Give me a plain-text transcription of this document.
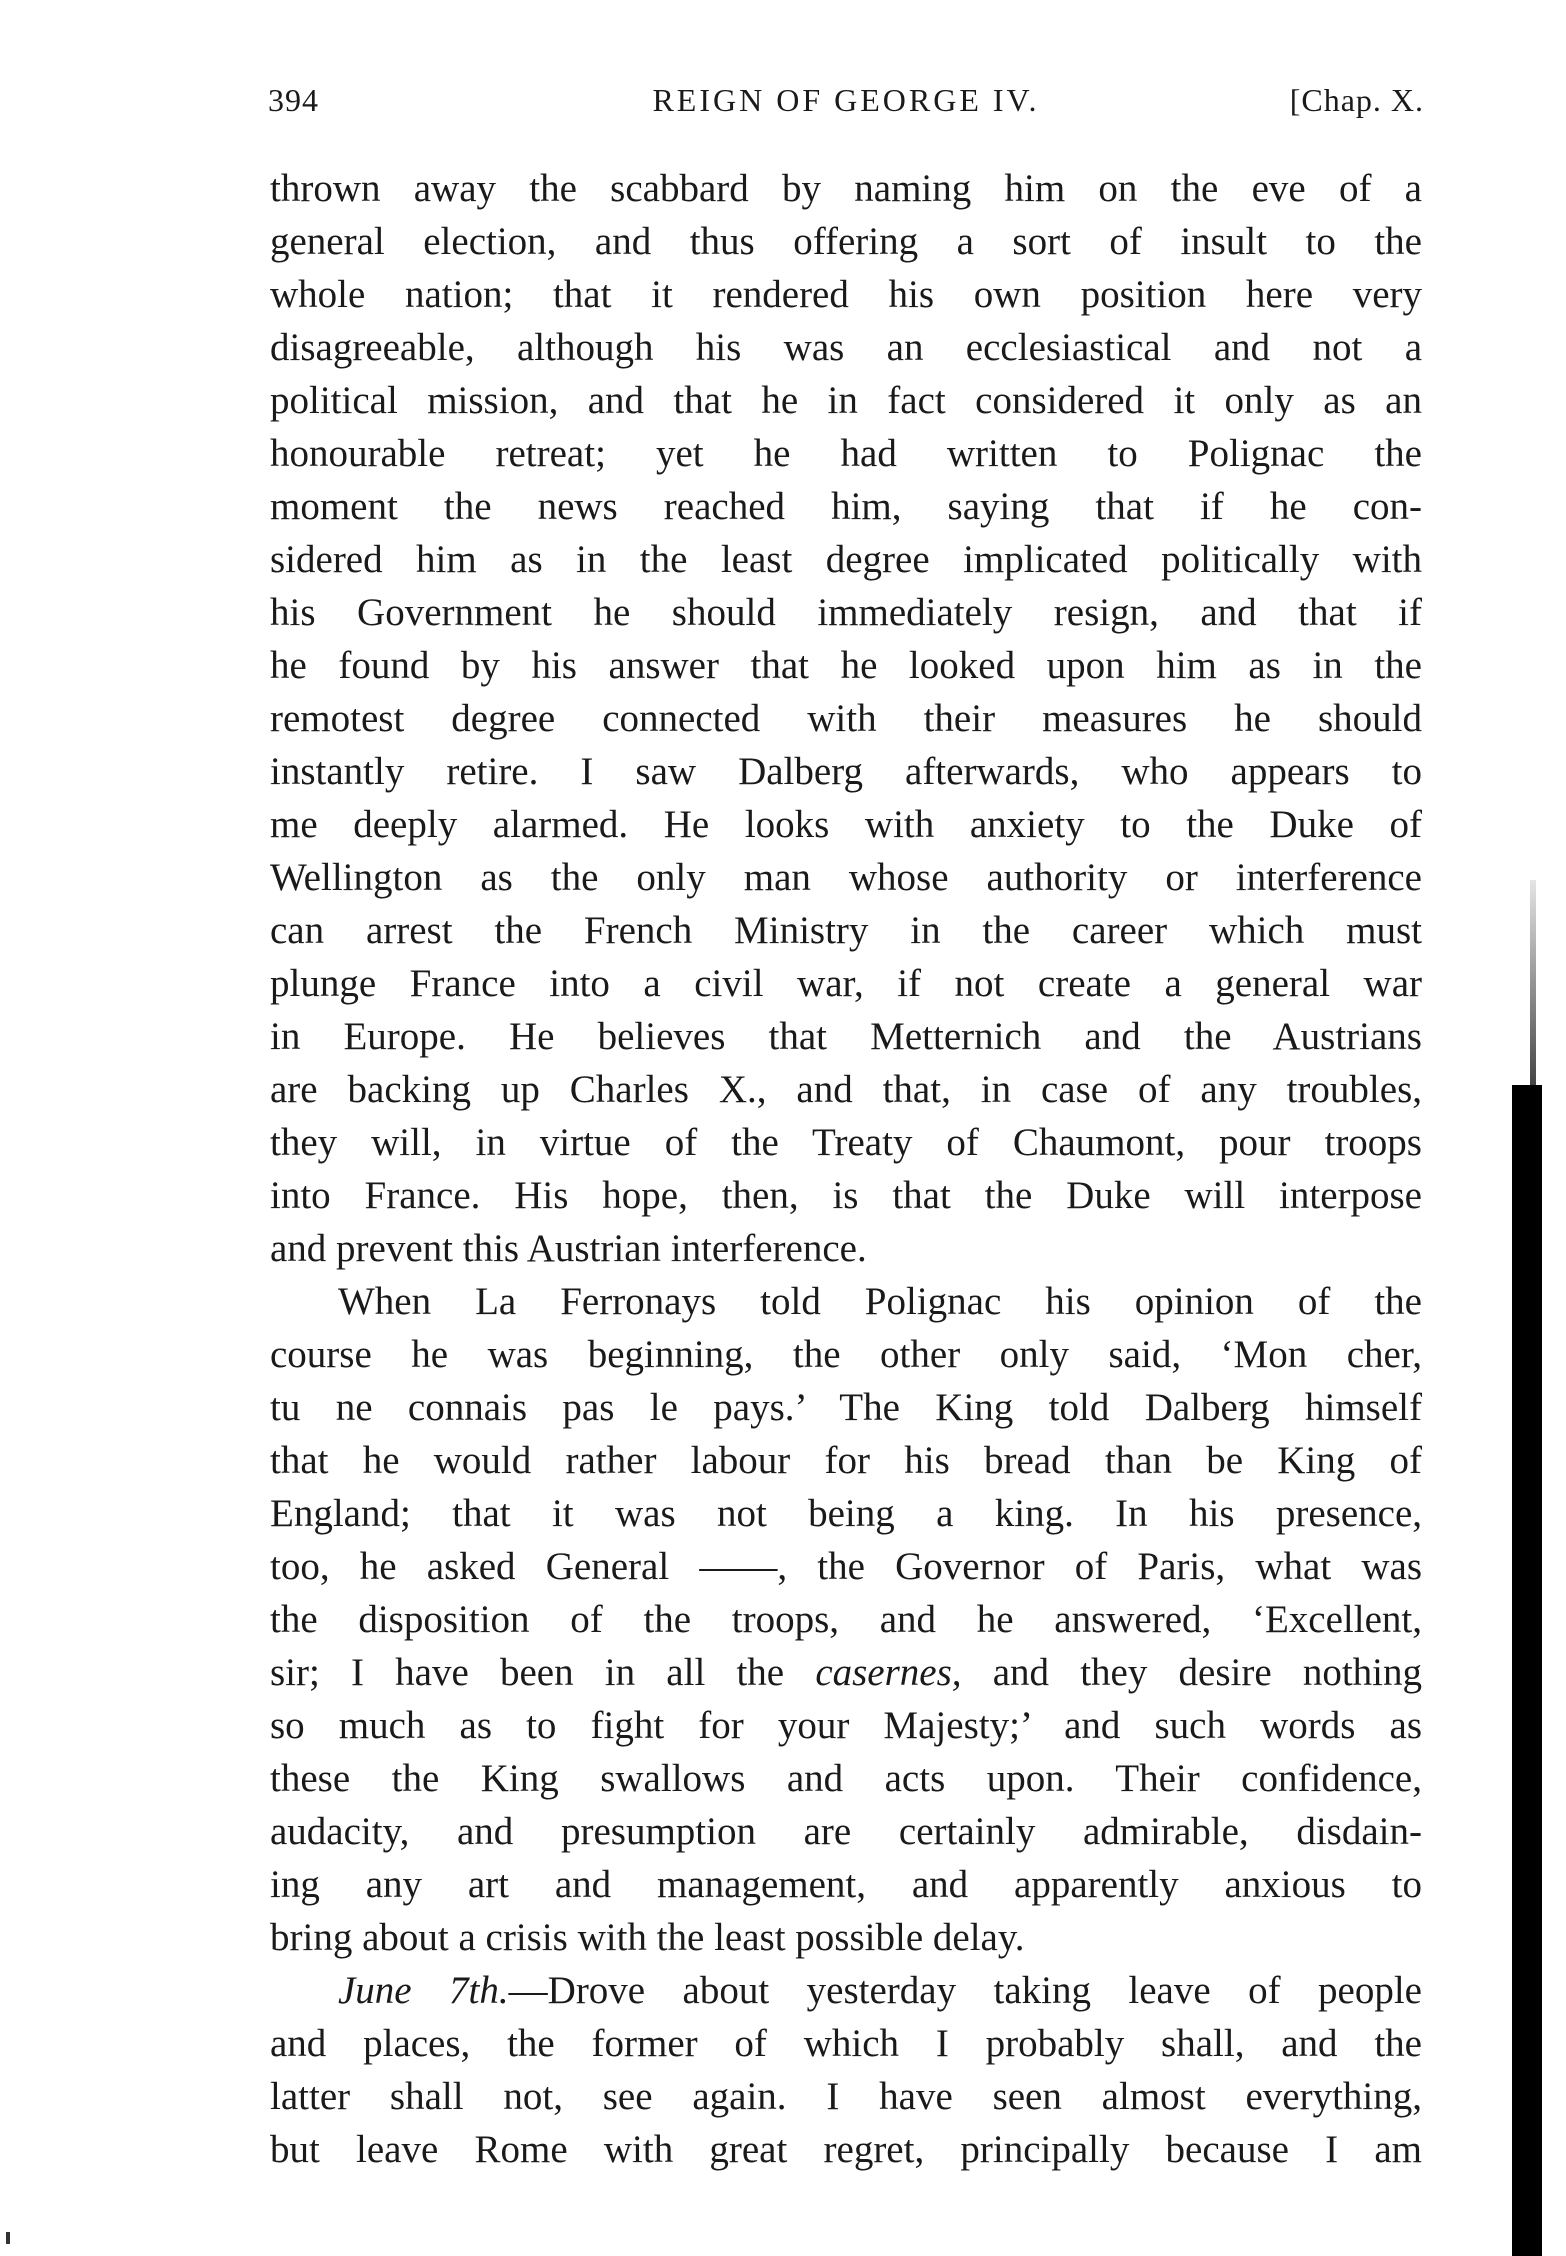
394	REIGN OF GEORGE IV.	[Chap. X.
thrown away the scabbard by naming him on the eve of a
general election, and thus offering a sort of insult to the
whole nation; that it rendered his own position here very
disagreeable, although his was an ecclesiastical and not a
political mission, and that he in fact considered it only as an
honourable retreat; yet he had written to Polignac the
moment the news reached him, saying that if he con-
sidered him as in the least degree implicated politically with
his Government he should immediately resign, and that if
he found by his answer that he looked upon him as in the
remotest degree connected with their measures he should
instantly retire. I saw Dalberg afterwards, who appears to
me deeply alarmed. He looks with anxiety to the Duke of
Wellington as the only man whose authority or interference
can arrest the French Ministry in the career which must
plunge France into a civil war, if not create a general war
in Europe. He believes that Metternich and the Austrians
are backing up Charles X., and that, in case of any troubles,
they will, in virtue of the Treaty of Chaumont, pour troops
into France. His hope, then, is that the Duke will interpose
and prevent this Austrian interference.
When La Ferronays told Polignac his opinion of the
course he was beginning, the other only said, ‘Mon cher,
tu ne connais pas le pays.’ The King told Dalberg himself
that he would rather labour for his bread than be King of
England; that it was not being a king. In his presence,
too, he asked General ——, the Governor of Paris, what was
the disposition of the troops, and he answered, ‘Excellent,
sir; I have been in all the casernes, and they desire nothing
so much as to fight for your Majesty;’ and such words as
these the King swallows and acts upon. Their confidence,
audacity, and presumption are certainly admirable, disdain-
ing any art and management, and apparently anxious to
bring about a crisis with the least possible delay.
June 7th.—Drove about yesterday taking leave of people
and places, the former of which I probably shall, and the
latter shall not, see again. I have seen almost everything,
but leave Rome with great regret, principally because I am
